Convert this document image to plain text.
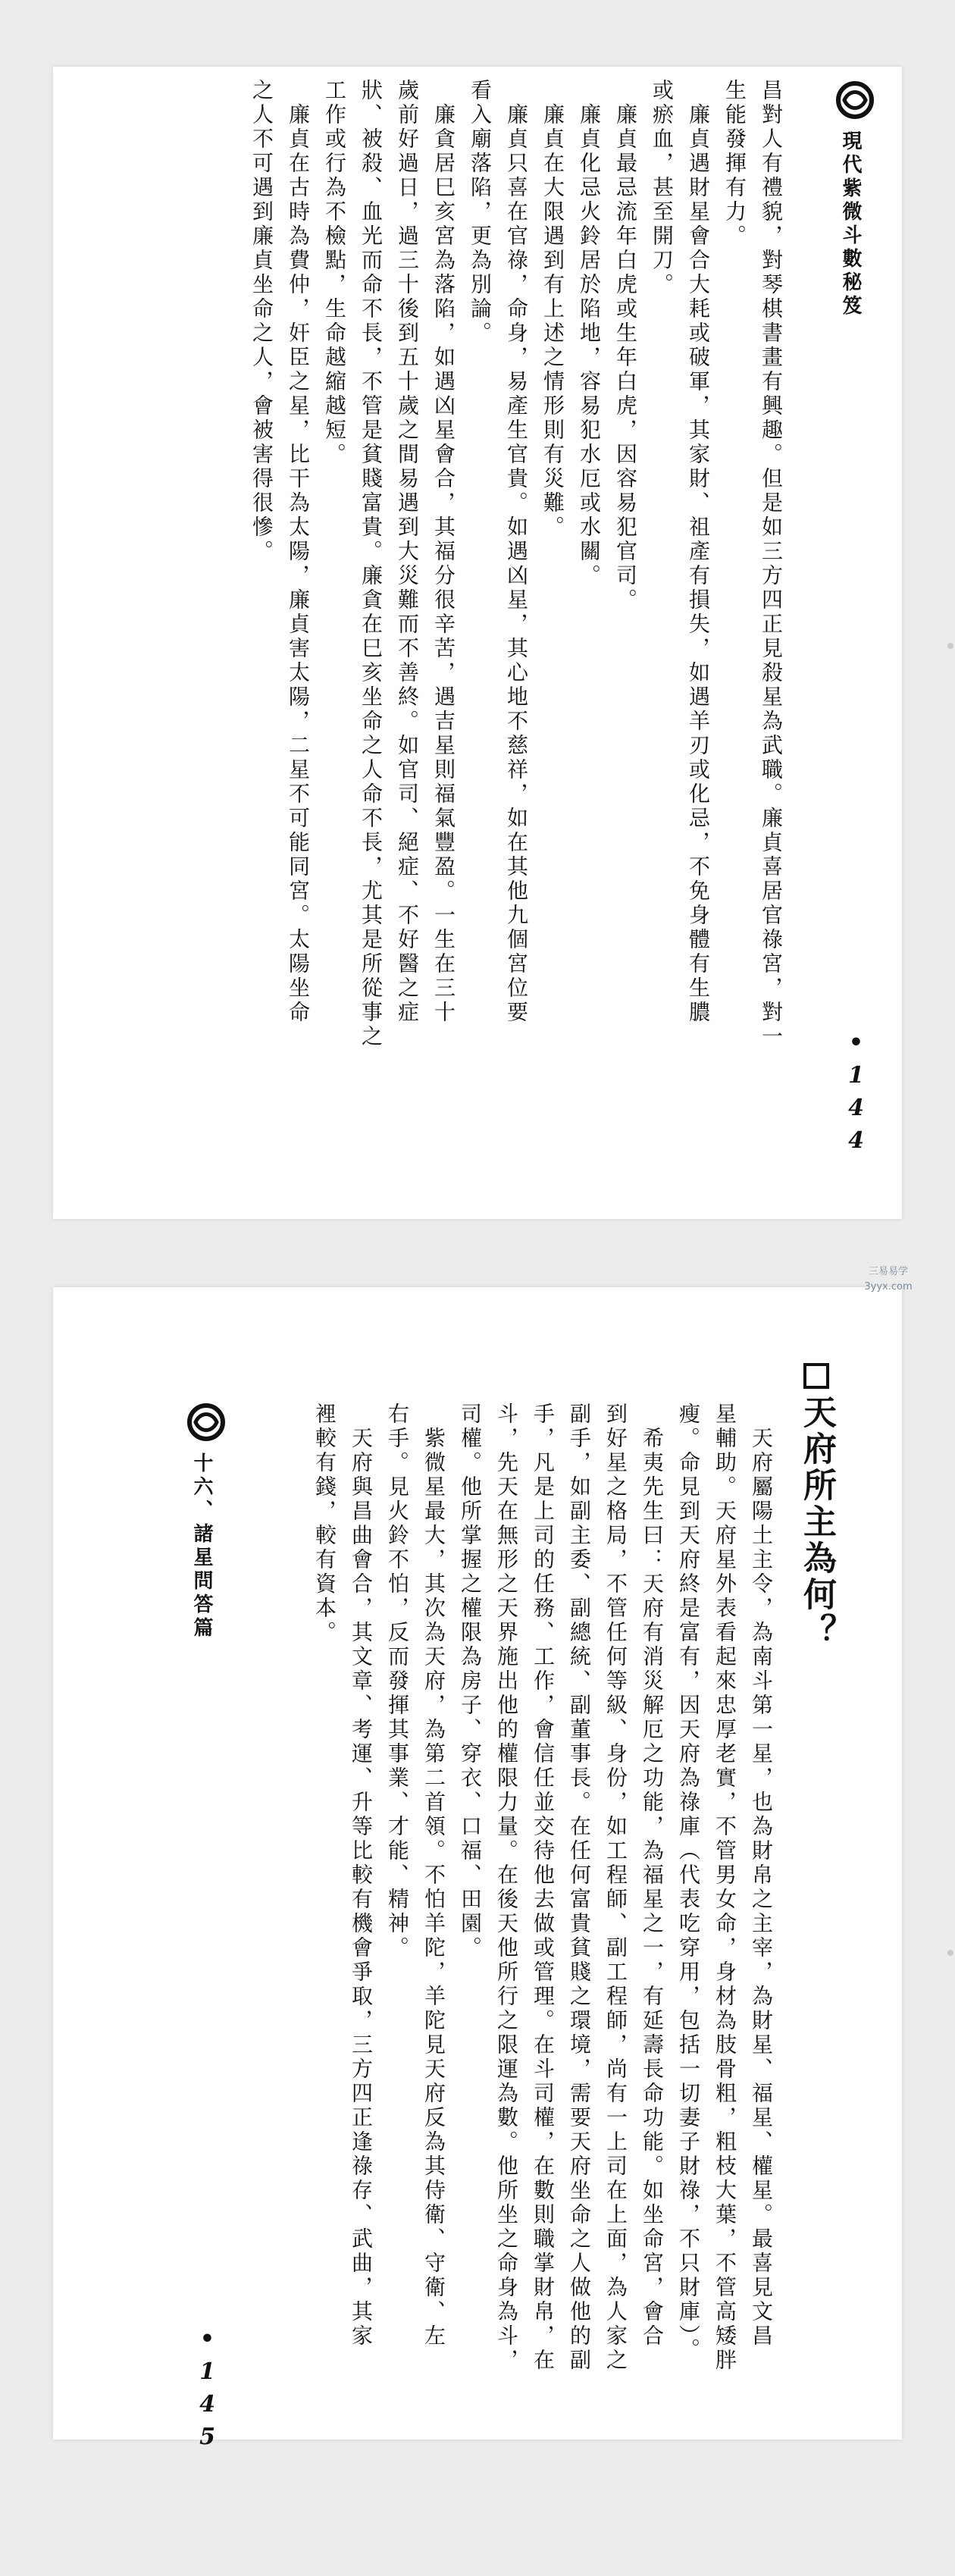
現代紫微斗數秘笈
•144
昌對人有禮貌，對琴棋書畫有興趣。但是如三方四正見殺星為武職。廉貞喜居官祿宮，對一
生能發揮有力。
　廉貞遇財星會合大耗或破軍，其家財、祖產有損失，如遇羊刃或化忌，不免身體有生膿
或瘀血，甚至開刀。
　廉貞最忌流年白虎或生年白虎，因容易犯官司。
　廉貞化忌火鈴居於陷地，容易犯水厄或水關。
　廉貞在大限遇到有上述之情形則有災難。
　廉貞只喜在官祿，命身，易產生官貴。如遇凶星，其心地不慈祥，如在其他九個宮位要
看入廟落陷，更為別論。
　廉貪居巳亥宮為落陷，如遇凶星會合，其福分很辛苦，遇吉星則福氣豐盈。一生在三十
歲前好過日，過三十後到五十歲之間易遇到大災難而不善終。如官司、絕症、不好醫之症
狀、被殺、血光而命不長，不管是貧賤富貴。廉貪在巳亥坐命之人命不長，尤其是所從事之
工作或行為不檢點，生命越縮越短。
　廉貞在古時為費仲，奸臣之星，比干為太陽，廉貞害太陽，二星不可能同宮。太陽坐命
之人不可遇到廉貞坐命之人，會被害得很慘。
天府所主為何？
　天府屬陽土主令，為南斗第一星，也為財帛之主宰，為財星、福星、權星。最喜見文昌
星輔助。天府星外表看起來忠厚老實，不管男女命，身材為肢骨粗，粗枝大葉，不管高矮胖
瘦。命見到天府終是富有，因天府為祿庫（代表吃穿用，包括一切妻子財祿，不只財庫）。
　希夷先生曰：天府有消災解厄之功能，為福星之一，有延壽長命功能。如坐命宮，會合
到好星之格局，不管任何等級、身份，如工程師、副工程師，尚有一上司在上面，為人家之
副手，如副主委、副總統、副董事長。在任何富貴貧賤之環境，需要天府坐命之人做他的副
手，凡是上司的任務、工作，會信任並交待他去做或管理。在斗司權，在數則職掌財帛，在
斗，先天在無形之天界施出他的權限力量。在後天他所行之限運為數。他所坐之命身為斗，
司權。他所掌握之權限為房子、穿衣、口福、田園。
　紫微星最大，其次為天府，為第二首領。不怕羊陀，羊陀見天府反為其侍衛、守衛、左
右手。見火鈴不怕，反而發揮其事業、才能、精神。
　天府與昌曲會合，其文章、考運、升等比較有機會爭取，三方四正逢祿存、武曲，其家
裡較有錢，較有資本。
十六、諸星問答篇
•145
三易易学
3yyx.com
